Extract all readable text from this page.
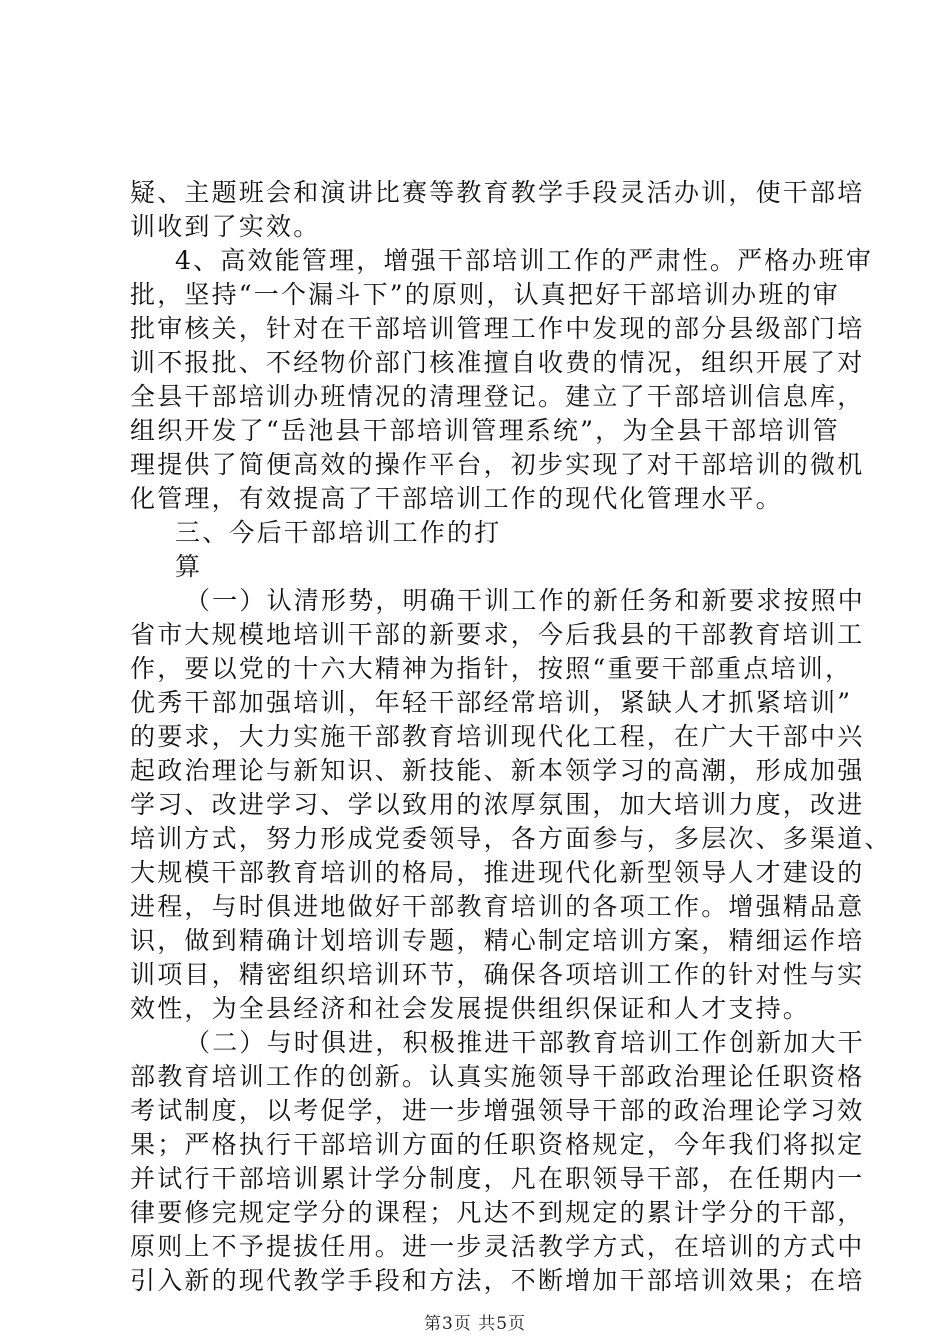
疑、主题班会和演讲比赛等教育教学手段灵活办训，使干部培
训收到了实效。
4、高效能管理，增强干部培训工作的严肃性。严格办班审
批，坚持“一个漏斗下”的原则，认真把好干部培训办班的审
批审核关，针对在干部培训管理工作中发现的部分县级部门培
训不报批、不经物价部门核准擅自收费的情况，组织开展了对
全县干部培训办班情况的清理登记。建立了干部培训信息库，
组织开发了“岳池县干部培训管理系统”，为全县干部培训管
理提供了简便高效的操作平台，初步实现了对干部培训的微机
化管理，有效提高了干部培训工作的现代化管理水平。
三、今后干部培训工作的打
算
（一）认清形势，明确干训工作的新任务和新要求按照中
省市大规模地培训干部的新要求，今后我县的干部教育培训工
作，要以党的十六大精神为指针，按照“重要干部重点培训，
优秀干部加强培训，年轻干部经常培训，紧缺人才抓紧培训”
的要求，大力实施干部教育培训现代化工程，在广大干部中兴
起政治理论与新知识、新技能、新本领学习的高潮，形成加强
学习、改进学习、学以致用的浓厚氛围，加大培训力度，改进
培训方式，努力形成党委领导，各方面参与，多层次、多渠道、
大规模干部教育培训的格局，推进现代化新型领导人才建设的
进程，与时俱进地做好干部教育培训的各项工作。增强精品意
识，做到精确计划培训专题，精心制定培训方案，精细运作培
训项目，精密组织培训环节，确保各项培训工作的针对性与实
效性，为全县经济和社会发展提供组织保证和人才支持。
（二）与时俱进，积极推进干部教育培训工作创新加大干
部教育培训工作的创新。认真实施领导干部政治理论任职资格
考试制度，以考促学，进一步增强领导干部的政治理论学习效
果；严格执行干部培训方面的任职资格规定，今年我们将拟定
并试行干部培训累计学分制度，凡在职领导干部，在任期内一
律要修完规定学分的课程；凡达不到规定的累计学分的干部，
原则上不予提拔任用。进一步灵活教学方式，在培训的方式中
引入新的现代教学手段和方法，不断增加干部培训效果；在培
第3页 共5页
